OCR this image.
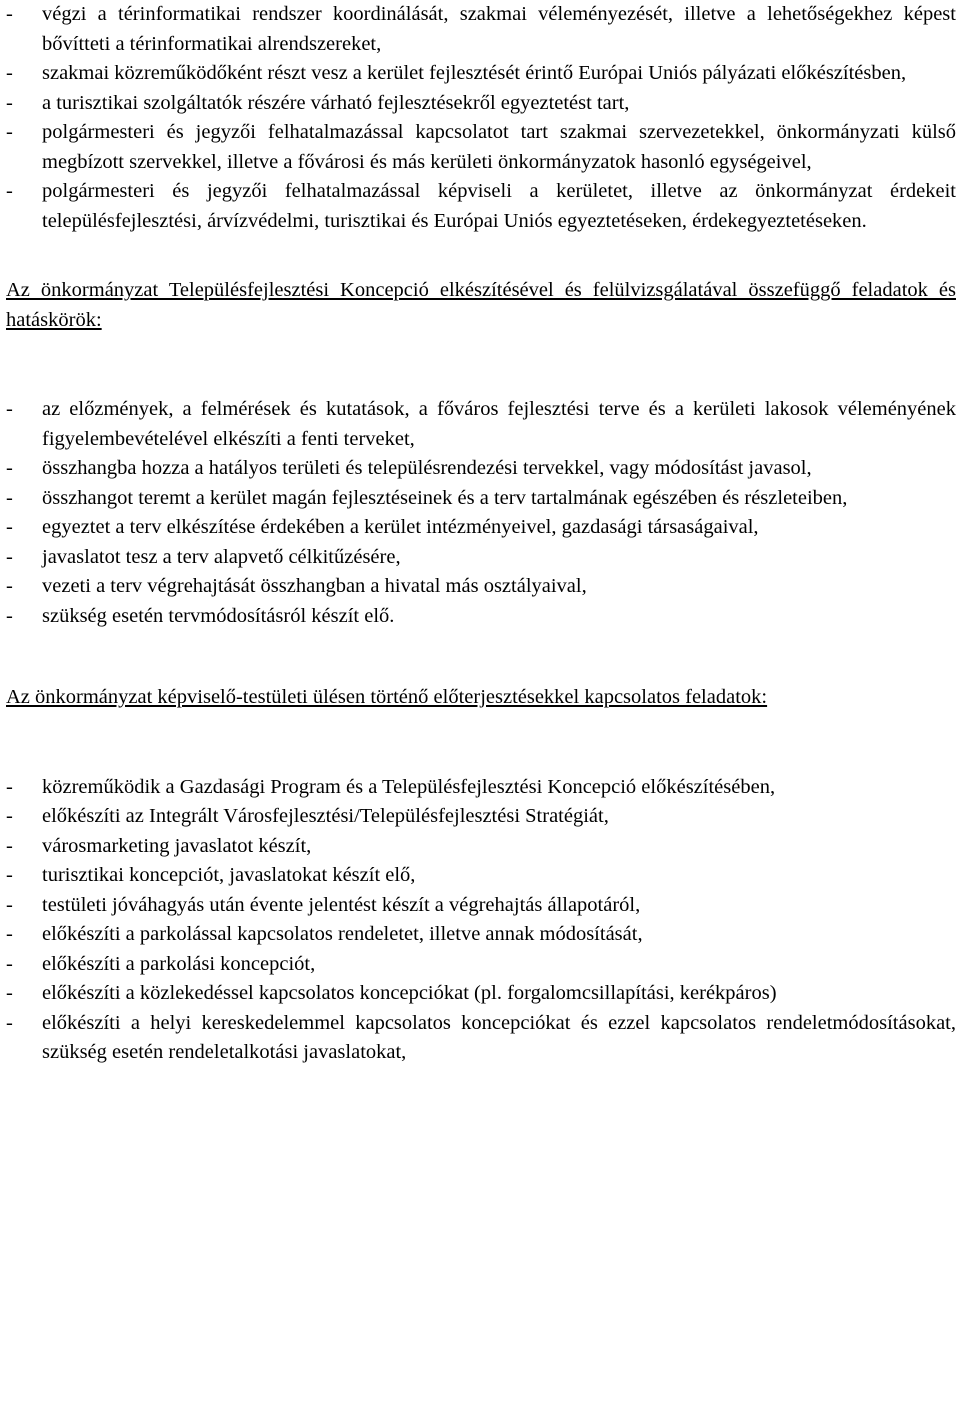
-	végzi a térinformatikai rendszer koordinálását, szakmai véleményezését, illetve a lehetőségekhez képest bővítteti a térinformatikai alrendszereket,
-	szakmai közreműködőként részt vesz a kerület fejlesztését érintő Európai Uniós pályázati előkészítésben,
-	a turisztikai szolgáltatók részére várható fejlesztésekről egyeztetést tart,
-	polgármesteri és jegyzői felhatalmazással kapcsolatot tart szakmai szervezetekkel, önkormányzati külső megbízott szervekkel, illetve a fővárosi és más kerületi önkormányzatok hasonló egységeivel,
-	polgármesteri és jegyzői felhatalmazással képviseli a kerületet, illetve az önkormányzat érdekeit településfejlesztési, árvízvédelmi, turisztikai és Európai Uniós egyeztetéseken, érdekegyeztetéseken.

Az önkormányzat Településfejlesztési Koncepció elkészítésével és felülvizsgálatával összefüggő feladatok és hatáskörök:

-	az előzmények, a felmérések és kutatások, a főváros fejlesztési terve és a kerületi lakosok véleményének figyelembevételével elkészíti a fenti terveket,
-	összhangba hozza a hatályos területi és településrendezési tervekkel, vagy módosítást javasol,
-	összhangot teremt a kerület magán fejlesztéseinek és a terv tartalmának egészében és részleteiben,
-	egyeztet a terv elkészítése érdekében a kerület intézményeivel, gazdasági társaságaival,
-	javaslatot tesz a terv alapvető célkitűzésére,
-	vezeti a terv végrehajtását összhangban a hivatal más osztályaival,
-	szükség esetén tervmódosításról készít elő.

Az önkormányzat képviselő-testületi ülésen történő előterjesztésekkel kapcsolatos feladatok:

-	közreműködik a Gazdasági Program és a Településfejlesztési Koncepció előkészítésében,
-	előkészíti az Integrált Városfejlesztési/Településfejlesztési Stratégiát,
-	városmarketing javaslatot készít,
-	turisztikai koncepciót, javaslatokat készít elő,
-	testületi jóváhagyás után évente jelentést készít a végrehajtás állapotáról,
-	előkészíti a parkolással kapcsolatos rendeletet, illetve annak módosítását,
-	előkészíti a parkolási koncepciót,
-	előkészíti a közlekedéssel kapcsolatos koncepciókat (pl. forgalomcsillapítási, kerékpáros)
-	előkészíti a helyi kereskedelemmel kapcsolatos koncepciókat és ezzel kapcsolatos rendeletmódosításokat, szükség esetén rendeletalkotási javaslatokat,
